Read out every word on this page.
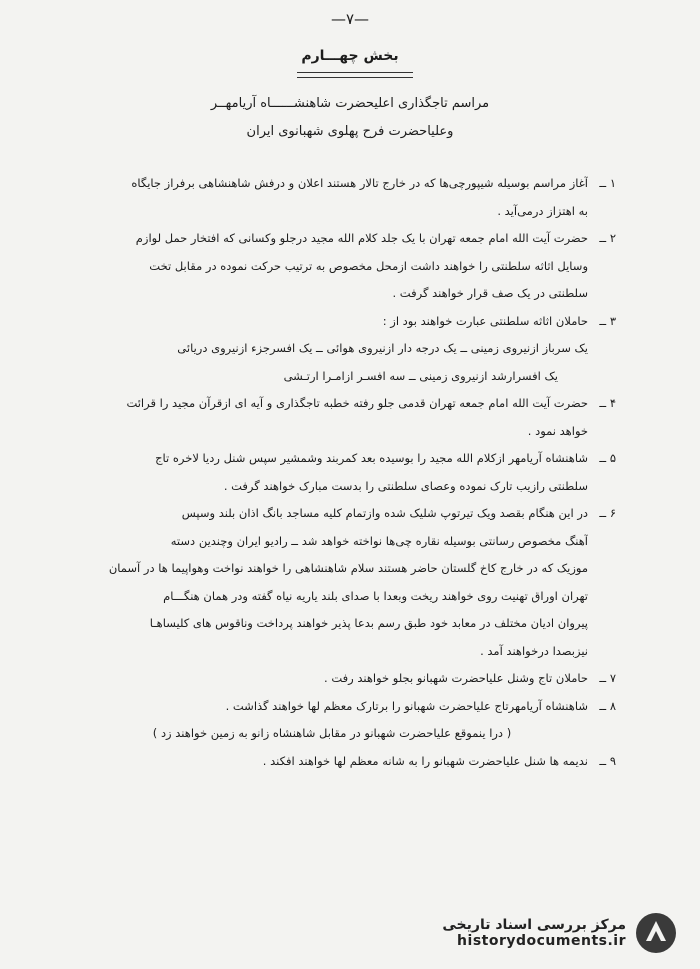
—۷—
بخش چهـــارم
مراسم تاجگذاری اعلیحضرت شاهنشــــــاه آریامهــر
وعلیاحضرت فرح پهلوی شهبانوی ایران
۱ ــ
آغاز مراسم بوسیله شیپورچی‌ها که در خارج تالار هستند اعلان و درفش شاهنشاهی برفراز جایگاه
به اهتزاز درمی‌آید .
۲ ــ
حضرت آیت الله امام جمعه تهران با یک جلد کلام الله مجید درجلو وکسانی که افتخار حمل لوازم
وسایل اثاثه سلطنتی را خواهند داشت ازمحل مخصوص به ترتیب حرکت نموده در مقابل تخت
سلطنتی در یک صف قرار خواهند گرفت .
۳ ــ
حاملان اثاثه سلطنتی عبارت خواهند بود از :
یک سرباز ازنیروی زمینی ــ یک درجه دار ازنیروی هوائی ــ یک افسرجزء ازنیروی دریائی
یک افسرارشد ازنیروی زمینی ــ سه افسـر ازامـرا ارتـشی
۴ ــ
حضرت آیت الله امام جمعه تهران قدمی جلو رفته خطبه تاجگذاری و آیه ای ازقرآن مجید را قرائت
خواهد نمود .
۵ ــ
شاهنشاه آریامهر ازکلام الله مجید را بوسیده بعد کمربند وشمشیر سپس شنل ردیا لاخره تاج
سلطنتی رازیب تارک نموده وعصای سلطنتی را بدست مبارک خواهند گرفت .
۶ ــ
در این هنگام بقصد ویک تیرتوپ شلیک شده وازتمام کلیه مساجد بانگ اذان بلند وسپس
آهنگ مخصوص رسانتی بوسیله نقاره چی‌ها نواخته خواهد شد ــ رادیو ایران وچندین دسته
موزیک که در خارج کاخ گلستان حاضر هستند سلام شاهنشاهی را خواهند نواخت وهواپیما ها در آسمان
تهران اوراق تهنیت روی خواهند ریخت وبعدا با صدای بلند یاریه نیاه گفته ودر همان هنگـــام
پیروان ادیان مختلف در معابد خود طبق رسم بدعا پذیر خواهند پرداخت وناقوس های کلیساهـا
نیزبصدا درخواهند آمد .
۷ ــ
حاملان تاج وشنل علیاحضرت شهبانو بجلو خواهند رفت .
۸ ــ
شاهنشاه آریامهرتاج علیاحضرت شهبانو را برتارک معظم لها خواهند گذاشت .
( درا ینموقع علیاحضرت شهبانو در مقابل شاهنشاه زانو به زمین خواهند زد )
۹ ــ
ندیمه ها شنل علیاحضرت شهبانو را به شانه معظم لها خواهند افکند .
مرکز بررسی اسناد تاریخی
historydocuments.ir
